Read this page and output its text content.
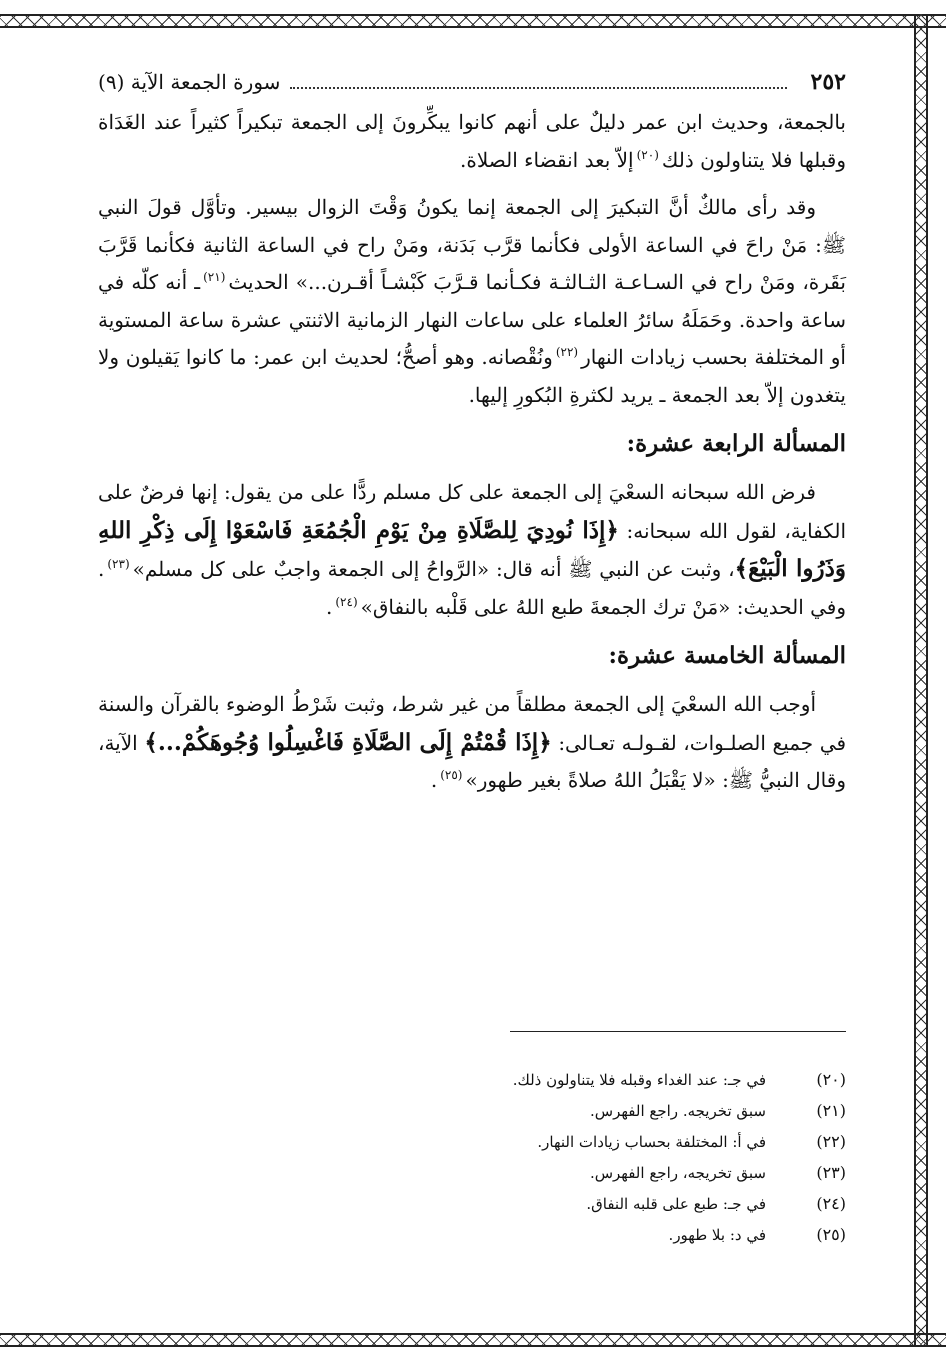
٢٥٢
سورة الجمعة الآية (٩)

بالجمعة، وحديث ابن عمر دليلٌ على أنهم كانوا يبكِّرونَ إلى الجمعة تبكيراً كثيراً عند الغَدَاة وقبلها فلا يتناولون ذلك$^{(٢٠)}$إلاّ بعد انقضاء الصلاة.

وقد رأى مالكٌ أنَّ التبكيرَ إلى الجمعة إنما يكونُ وَقْتَ الزوال بيسير. وتأوَّل قولَ النبي ﷺ: مَنْ راحَ في الساعة الأولى فكأنما قرَّب بَدَنة، ومَنْ راح في الساعة الثانية فكأنما قَرَّبَ بَقَرة، ومَنْ راح في السـاعـة الثـالثـة فكـأنما قـرَّبَ كَبْشـاً أقـرن...» الحديث$^{(٢١)}$ـ أنه كلّه في ساعة واحدة. وحَمَلَهُ سائرُ العلماء على ساعات النهار الزمانية الاثنتي عشرة ساعة المستوية أو المختلفة بحسب زيادات النهار$^{(٢٢)}$ونُقْصانه. وهو أصحُّ؛ لحديث ابن عمر: ما كانوا يَقيلون ولا يتغدون إلاّ بعد الجمعة ـ يريد لكثرةِ البُكورِ إليها.

المسألة الرابعة عشرة:

فرض الله سبحانه السعْيَ إلى الجمعة على كل مسلم ردًّا على من يقول: إنها فرضٌ على الكفاية، لقول الله سبحانه: ﴿إِذَا نُودِيَ لِلصَّلَاةِ مِنْ يَوْمِ الْجُمُعَةِ فَاسْعَوْا إِلَى ذِكْرِ اللهِ وَذَرُوا الْبَيْعَ﴾، وثبت عن النبي ﷺ أنه قال: «الرَّواحُ إلى الجمعة واجبٌ على كل مسلم»$^{(٢٣)}$. وفي الحديث: «مَنْ ترك الجمعةَ طبع اللهُ على قَلْبه بالنفاق»$^{(٢٤)}$.

المسألة الخامسة عشرة:

أوجب الله السعْيَ إلى الجمعة مطلقاً من غير شرط، وثبت شَرْطُ الوضوء بالقرآن والسنة في جميع الصلـوات، لقـولـه تعـالى: ﴿إِذَا قُمْتُمْ إِلَى الصَّلَاةِ فَاغْسِلُوا وُجُوهَكُمْ...﴾ الآية، وقال النبيُّ ﷺ: «لا يَقْبَلُ اللهُ صلاةً بغير طهور»$^{(٢٥)}$.

(٢٠)
في جـ: عند الغداء وقبله فلا يتناولون ذلك.
(٢١)
سبق تخريجه. راجع الفهرس.
(٢٢)
في أ: المختلفة بحساب زيادات النهار.
(٢٣)
سبق تخريجه، راجع الفهرس.
(٢٤)
في جـ: طبع على قلبه النفاق.
(٢٥)
في د: بلا طهور.
